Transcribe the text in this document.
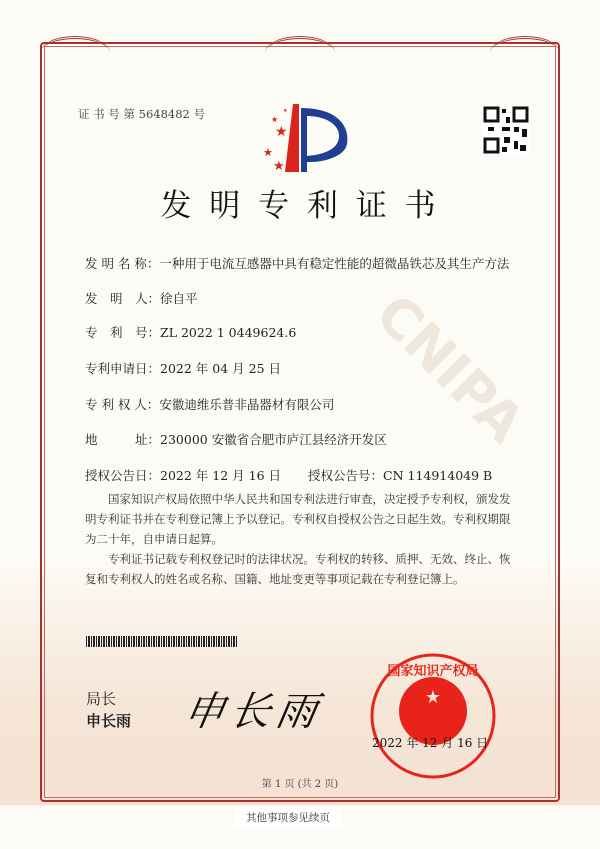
CNIPA
证 书 号 第 5648482 号
★
★
★
★
★
发 明 专 利 证 书
发 明 名 称：一种用于电流互感器中具有稳定性能的超微晶铁芯及其生产方法
发　明　人：徐自平
专　利　号：ZL 2022 1 0449624.6
专利申请日：2022 年 04 月 25 日
专 利 权 人：安徽迪维乐普非晶器材有限公司
地　　　址：230000 安徽省合肥市庐江县经济开发区
授权公告日：2022 年 12 月 16 日 授权公告号：CN 114914049 B
国家知识产权局依照中华人民共和国专利法进行审查，决定授予专利权，颁发发明专利证书并在专利登记簿上予以登记。专利权自授权公告之日起生效。专利权期限为二十年，自申请日起算。
专利证书记载专利权登记时的法律状况。专利权的转移、质押、无效、终止、恢复和专利权人的姓名或名称、国籍、地址变更等事项记载在专利登记簿上。
局长
申长雨 申长雨	★
国家知识产权局
2022 年 12 月 16 日
第 1 页 (共 2 页)
其他事项参见续页
